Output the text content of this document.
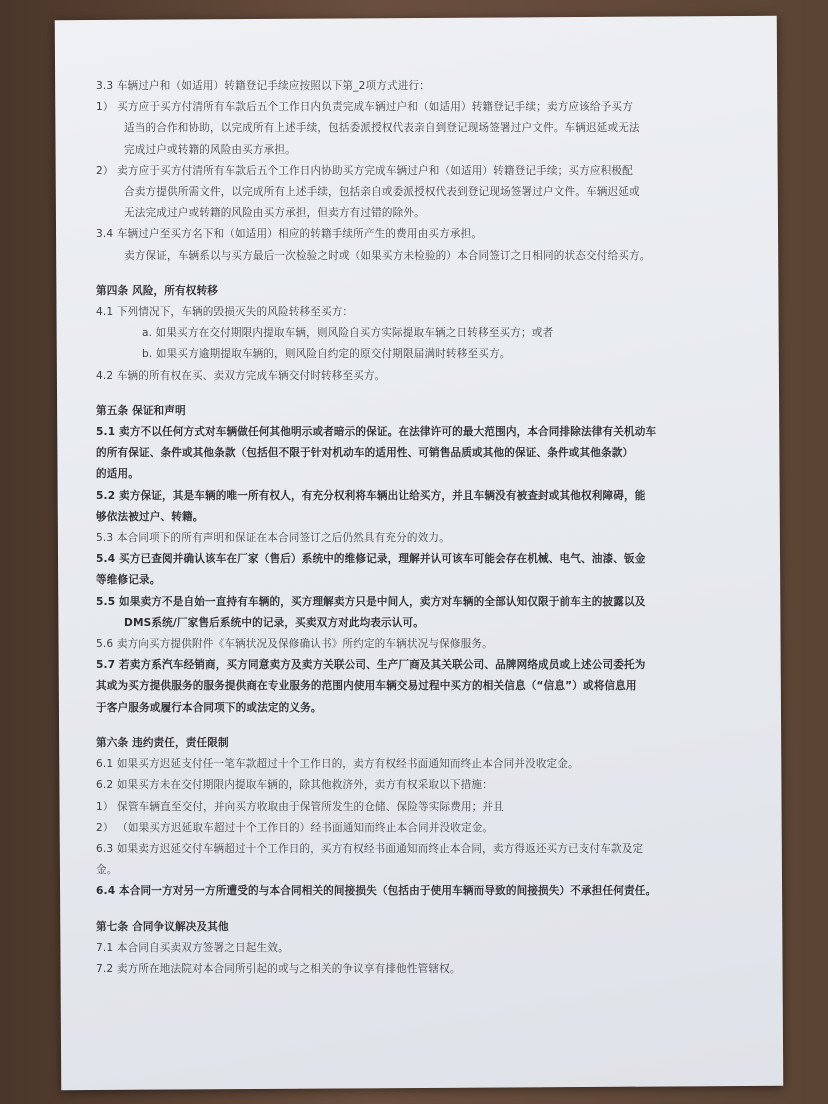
3.3 车辆过户和（如适用）转籍登记手续应按照以下第_2项方式进行：
1） 买方应于买方付清所有车款后五个工作日内负责完成车辆过户和（如适用）转籍登记手续；卖方应该给予买方
适当的合作和协助，以完成所有上述手续，包括委派授权代表亲自到登记现场签署过户文件。车辆迟延或无法
完成过户或转籍的风险由买方承担。
2） 卖方应于买方付清所有车款后五个工作日内协助买方完成车辆过户和（如适用）转籍登记手续；买方应积极配
合卖方提供所需文件，以完成所有上述手续，包括亲自或委派授权代表到登记现场签署过户文件。车辆迟延或
无法完成过户或转籍的风险由买方承担，但卖方有过错的除外。
3.4 车辆过户至买方名下和（如适用）相应的转籍手续所产生的费用由买方承担。
卖方保证，车辆系以与买方最后一次检验之时或（如果买方未检验的）本合同签订之日相同的状态交付给买方。
第四条 风险，所有权转移
4.1 下列情况下，车辆的毁损灭失的风险转移至买方：
a. 如果买方在交付期限内提取车辆，则风险自买方实际提取车辆之日转移至买方；或者
b. 如果买方逾期提取车辆的，则风险自约定的原交付期限届满时转移至买方。
4.2 车辆的所有权在买、卖双方完成车辆交付时转移至买方。
第五条 保证和声明
5.1 卖方不以任何方式对车辆做任何其他明示或者暗示的保证。在法律许可的最大范围内，本合同排除法律有关机动车
的所有保证、条件或其他条款（包括但不限于针对机动车的适用性、可销售品质或其他的保证、条件或其他条款）
的适用。
5.2 卖方保证，其是车辆的唯一所有权人，有充分权利将车辆出让给买方，并且车辆没有被查封或其他权利障碍，能
够依法被过户、转籍。
5.3 本合同项下的所有声明和保证在本合同签订之后仍然具有充分的效力。
5.4 买方已查阅并确认该车在厂家（售后）系统中的维修记录，理解并认可该车可能会存在机械、电气、油漆、钣金
等维修记录。
5.5 如果卖方不是自始一直持有车辆的，买方理解卖方只是中间人，卖方对车辆的全部认知仅限于前车主的披露以及
DMS系统/厂家售后系统中的记录，买卖双方对此均表示认可。
5.6 卖方向买方提供附件《车辆状况及保修确认书》所约定的车辆状况与保修服务。
5.7 若卖方系汽车经销商，买方同意卖方及卖方关联公司、生产厂商及其关联公司、品牌网络成员或上述公司委托为
其或为买方提供服务的服务提供商在专业服务的范围内使用车辆交易过程中买方的相关信息（“信息”）或将信息用
于客户服务或履行本合同项下的或法定的义务。
第六条 违约责任，责任限制
6.1 如果买方迟延支付任一笔车款超过十个工作日的，卖方有权经书面通知而终止本合同并没收定金。
6.2 如果买方未在交付期限内提取车辆的，除其他救济外，卖方有权采取以下措施：
1） 保管车辆直至交付，并向买方收取由于保管所发生的仓储、保险等实际费用；并且
2） （如果买方迟延取车超过十个工作日的）经书面通知而终止本合同并没收定金。
6.3 如果卖方迟延交付车辆超过十个工作日的，买方有权经书面通知而终止本合同，卖方得返还买方已支付车款及定
金。
6.4 本合同一方对另一方所遭受的与本合同相关的间接损失（包括由于使用车辆而导致的间接损失）不承担任何责任。
第七条 合同争议解决及其他
7.1 本合同自买卖双方签署之日起生效。
7.2 卖方所在地法院对本合同所引起的或与之相关的争议享有排他性管辖权。
